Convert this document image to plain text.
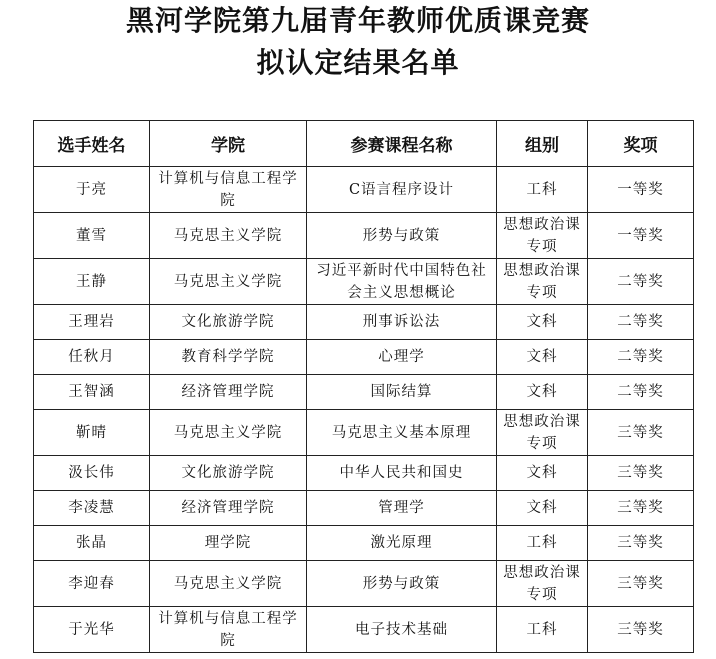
黑河学院第九届青年教师优质课竞赛
拟认定结果名单
选手姓名	学院	参赛课程名称	组别	奖项
于亮	计算机与信息工程学院	C语言程序设计	工科	一等奖
董雪	马克思主义学院	形势与政策	思想政治课专项	一等奖
王静	马克思主义学院	习近平新时代中国特色社会主义思想概论	思想政治课专项	二等奖
王理岩	文化旅游学院	刑事诉讼法	文科	二等奖
任秋月	教育科学学院	心理学	文科	二等奖
王智涵	经济管理学院	国际结算	文科	二等奖
靳晴	马克思主义学院	马克思主义基本原理	思想政治课专项	三等奖
汲长伟	文化旅游学院	中华人民共和国史	文科	三等奖
李凌慧	经济管理学院	管理学	文科	三等奖
张晶	理学院	激光原理	工科	三等奖
李迎春	马克思主义学院	形势与政策	思想政治课专项	三等奖
于光华	计算机与信息工程学院	电子技术基础	工科	三等奖
